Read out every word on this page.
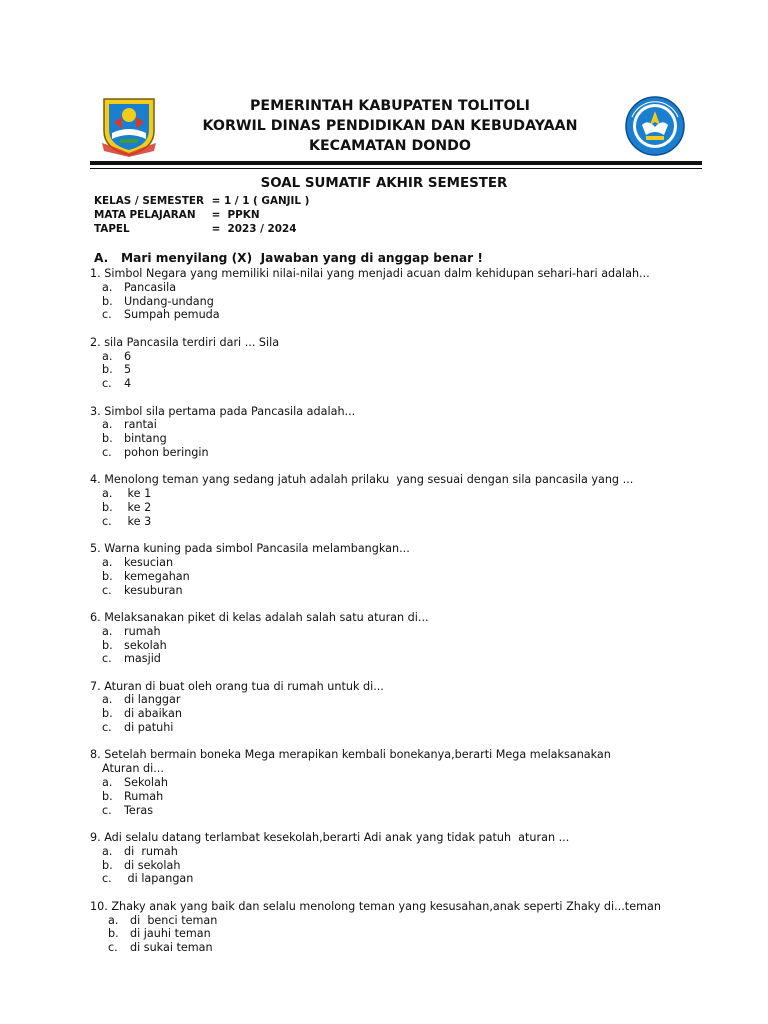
PEMERINTAH KABUPATEN TOLITOLI
KORWIL DINAS PENDIDIKAN DAN KEBUDAYAAN
KECAMATAN DONDO
SOAL SUMATIF AKHIR SEMESTER
KELAS / SEMESTER = 1 / 1 ( GANJIL )
MATA PELAJARAN	=  PPKN
TAPEL	=  2023 / 2024
A.   Mari menyilang (X)  Jawaban yang di anggap benar !
1. Simbol Negara yang memiliki nilai-nilai yang menjadi acuan dalm kehidupan sehari-hari adalah...
a.	Pancasila
b.	Undang-undang
c.	Sumpah pemuda
2. sila Pancasila terdiri dari ... Sila
a.	6
b.	5
c.	4
3. Simbol sila pertama pada Pancasila adalah...
a.	rantai
b.	bintang
c.	pohon beringin
4. Menolong teman yang sedang jatuh adalah prilaku  yang sesuai dengan sila pancasila yang ...
a.	ke 1
b.	ke 2
c.	ke 3
5. Warna kuning pada simbol Pancasila melambangkan...
a.	kesucian
b.	kemegahan
c.	kesuburan
6. Melaksanakan piket di kelas adalah salah satu aturan di...
a.	rumah
b.	sekolah
c.	masjid
7. Aturan di buat oleh orang tua di rumah untuk di...
a.	di langgar
b.	di abaikan
c.	di patuhi
8. Setelah bermain boneka Mega merapikan kembali bonekanya,berarti Mega melaksanakan
Aturan di...
a.	Sekolah
b.	Rumah
c.	Teras
9. Adi selalu datang terlambat kesekolah,berarti Adi anak yang tidak patuh  aturan ...
a.	di  rumah
b.	di sekolah
c.	di lapangan
10. Zhaky anak yang baik dan selalu menolong teman yang kesusahan,anak seperti Zhaky di...teman
a.	di  benci teman
b.	di jauhi teman
c.	di sukai teman
